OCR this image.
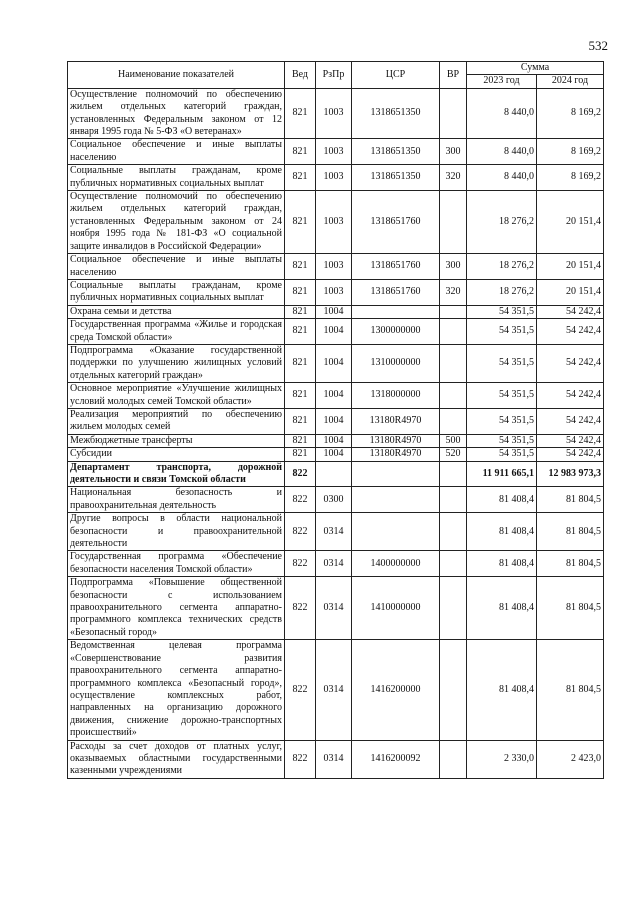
532
Наименование показателей	Вед	РзПр	ЦСР	ВР	Сумма	
					2023 год	2024 год
Осуществление полномочий по обеспечению жильем отдельных категорий граждан, установленных Федеральным законом от 12 января 1995 года № 5-ФЗ «О ветеранах»	821	1003	1318651350		8 440,0	8 169,2
Социальное обеспечение и иные выплаты населению	821	1003	1318651350	300	8 440,0	8 169,2
Социальные выплаты гражданам, кроме публичных нормативных социальных выплат	821	1003	1318651350	320	8 440,0	8 169,2
Осуществление полномочий по обеспечению жильем отдельных категорий граждан, установленных Федеральным законом от 24 ноября 1995 года № 181-ФЗ «О социальной защите инвалидов в Российской Федерации»	821	1003	1318651760		18 276,2	20 151,4
Социальное обеспечение и иные выплаты населению	821	1003	1318651760	300	18 276,2	20 151,4
Социальные выплаты гражданам, кроме публичных нормативных социальных выплат	821	1003	1318651760	320	18 276,2	20 151,4
Охрана семьи и детства	821	1004			54 351,5	54 242,4
Государственная программа «Жилье и городская среда Томской области»	821	1004	1300000000		54 351,5	54 242,4
Подпрограмма «Оказание государственной поддержки по улучшению жилищных условий отдельных категорий граждан»	821	1004	1310000000		54 351,5	54 242,4
Основное мероприятие «Улучшение жилищных условий молодых семей Томской области»	821	1004	1318000000		54 351,5	54 242,4
Реализация мероприятий по обеспечению жильем молодых семей	821	1004	13180R4970		54 351,5	54 242,4
Межбюджетные трансферты	821	1004	13180R4970	500	54 351,5	54 242,4
Субсидии	821	1004	13180R4970	520	54 351,5	54 242,4
Департамент транспорта, дорожной деятельности и связи Томской области	822				11 911 665,1	12 983 973,3
Национальная безопасность и правоохранительная деятельность	822	0300			81 408,4	81 804,5
Другие вопросы в области национальной безопасности и правоохранительной деятельности	822	0314			81 408,4	81 804,5
Государственная программа «Обеспечение безопасности населения Томской области»	822	0314	1400000000		81 408,4	81 804,5
Подпрограмма «Повышение общественной безопасности с использованием правоохранительного сегмента аппаратно-программного комплекса технических средств «Безопасный город»	822	0314	1410000000		81 408,4	81 804,5
Ведомственная целевая программа «Совершенствование развития правоохранительного сегмента аппаратно-программного комплекса «Безопасный город», осуществление комплексных работ, направленных на организацию дорожного движения, снижение дорожно-транспортных происшествий»	822	0314	1416200000		81 408,4	81 804,5
Расходы за счет доходов от платных услуг, оказываемых областными государственными казенными учреждениями	822	0314	1416200092		2 330,0	2 423,0
